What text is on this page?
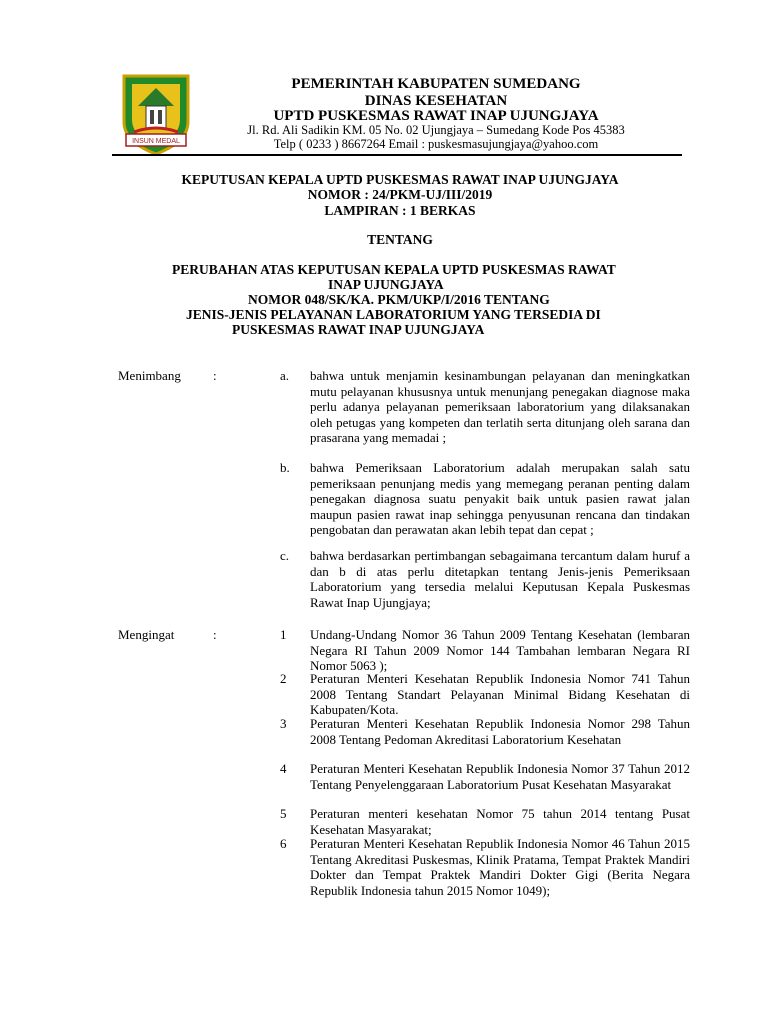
INSUN MEDAL
PEMERINTAH KABUPATEN SUMEDANG
DINAS KESEHATAN
UPTD PUSKESMAS RAWAT INAP UJUNGJAYA
Jl. Rd. Ali Sadikin KM. 05 No. 02 Ujungjaya – Sumedang Kode Pos 45383
Telp ( 0233 ) 8667264 Email : puskesmasujungjaya@yahoo.com
KEPUTUSAN KEPALA UPTD PUSKESMAS RAWAT INAP UJUNGJAYA
NOMOR : 24/PKM-UJ/III/2019
LAMPIRAN : 1 BERKAS
TENTANG
PERUBAHAN ATAS KEPUTUSAN KEPALA UPTD PUSKESMAS RAWAT
INAP UJUNGJAYA
NOMOR 048/SK/KA. PKM/UKP/I/2016 TENTANG
JENIS-JENIS PELAYANAN LABORATORIUM YANG TERSEDIA DI
PUSKESMAS RAWAT INAP UJUNGJAYA
Menimbang :	a. bahwa untuk menjamin kesinambungan pelayanan dan meningkatkan mutu pelayanan khususnya untuk menunjang penegakan diagnose maka perlu adanya pelayanan pemeriksaan laboratorium yang dilaksanakan oleh petugas yang kompeten dan terlatih serta ditunjang oleh sarana dan prasarana yang memadai ;
b. bahwa Pemeriksaan Laboratorium adalah merupakan salah satu pemeriksaan penunjang medis yang memegang peranan penting dalam penegakan diagnosa suatu penyakit baik untuk pasien rawat jalan maupun pasien rawat inap sehingga penyusunan rencana dan tindakan pengobatan dan perawatan akan lebih tepat dan cepat ;
c. bahwa berdasarkan pertimbangan sebagaimana tercantum dalam huruf a dan b di atas perlu ditetapkan tentang Jenis-jenis Pemeriksaan Laboratorium yang tersedia melalui Keputusan Kepala Puskesmas Rawat Inap Ujungjaya;
Mengingat	:	1 Undang-Undang Nomor 36 Tahun 2009 Tentang Kesehatan (lembaran Negara RI Tahun 2009 Nomor 144 Tambahan lembaran Negara RI Nomor 5063 );
2 Peraturan Menteri Kesehatan Republik Indonesia Nomor 741 Tahun 2008 Tentang Standart Pelayanan Minimal Bidang Kesehatan di Kabupaten/Kota.
3 Peraturan Menteri Kesehatan Republik Indonesia Nomor 298 Tahun 2008 Tentang Pedoman Akreditasi Laboratorium Kesehatan
4 Peraturan Menteri Kesehatan Republik Indonesia Nomor 37 Tahun 2012 Tentang Penyelenggaraan Laboratorium Pusat Kesehatan Masyarakat
5 Peraturan menteri kesehatan Nomor 75 tahun 2014 tentang Pusat Kesehatan Masyarakat;
6 Peraturan Menteri Kesehatan Republik Indonesia Nomor 46 Tahun 2015 Tentang Akreditasi Puskesmas, Klinik Pratama, Tempat Praktek Mandiri Dokter dan Tempat Praktek Mandiri Dokter Gigi (Berita Negara Republik Indonesia tahun 2015 Nomor 1049);
